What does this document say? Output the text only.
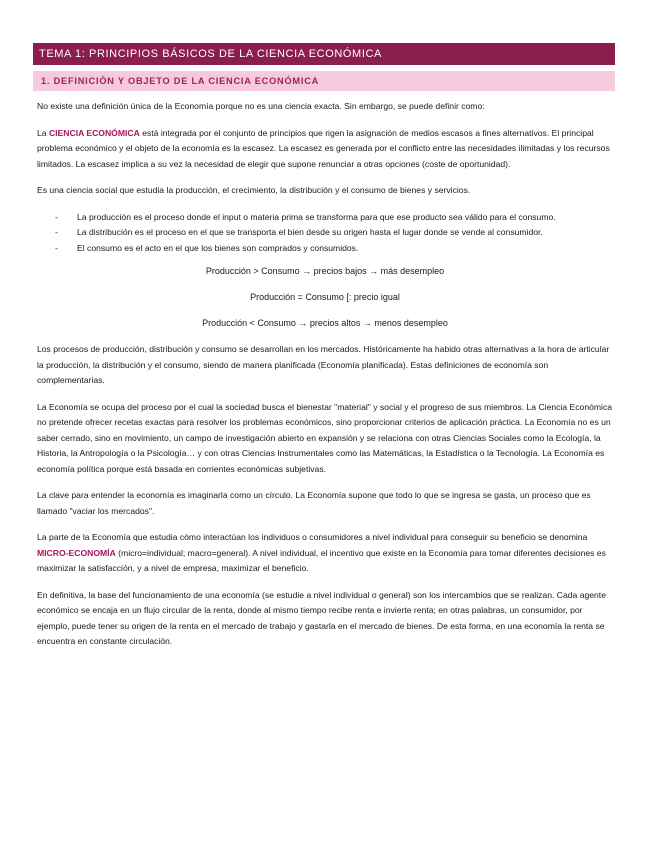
TEMA 1: PRINCIPIOS BÁSICOS DE LA CIENCIA ECONÓMICA
1. DEFINICIÓN Y OBJETO DE LA CIENCIA ECONÓMICA

No existe una definición única de la Economía porque no es una ciencia exacta. Sin embargo, se puede definir como:

La CIENCIA ECONÓMICA está integrada por el conjunto de principios que rigen la asignación de medios escasos a fines alternativos. El principal problema económico y el objeto de la economía es la escasez. La escasez es generada por el conflicto entre las necesidades ilimitadas y los recursos limitados. La escasez implica a su vez la necesidad de elegir que supone renunciar a otras opciones (coste de oportunidad).

Es una ciencia social que estudia la producción, el crecimiento, la distribución y el consumo de bienes y servicios.

- La producción es el proceso donde el input o materia prima se transforma para que ese producto sea válido para el consumo.
- La distribución es el proceso en el que se transporta el bien desde su origen hasta el lugar donde se vende al consumidor.
- El consumo es el acto en el que los bienes son comprados y consumidos.

Producción > Consumo → precios bajos → más desempleo

Producción = Consumo [: precio igual

Producción < Consumo → precios altos → menos desempleo

Los procesos de producción, distribución y consumo se desarrollan en los mercados. Históricamente ha habido otras alternativas a la hora de articular la producción, la distribución y el consumo, siendo de manera planificada (Economía planificada). Estas definiciones de economía son complementarias.

La Economía se ocupa del proceso por el cual la sociedad busca el bienestar "material" y social y el progreso de sus miembros. La Ciencia Económica no pretende ofrecer recetas exactas para resolver los problemas económicos, sino proporcionar criterios de aplicación práctica. La Economía no es un saber cerrado, sino en movimiento, un campo de investigación abierto en expansión y se relaciona con otras Ciencias Sociales como la Ecología, la Historia, la Antropología o la Psicología… y con otras Ciencias Instrumentales como las Matemáticas, la Estadística o la Tecnología. La Economía es economía política porque está basada en corrientes económicas subjetivas.

La clave para entender la economía es imaginarla como un círculo. La Economía supone que todo lo que se ingresa se gasta, un proceso que es llamado "vaciar los mercados".

La parte de la Economía que estudia cómo interactúan los individuos o consumidores a nivel individual para conseguir su beneficio se denomina MICRO-ECONOMÍA (micro=individual; macro=general). A nivel individual, el incentivo que existe en la Economía para tomar diferentes decisiones es maximizar la satisfacción, y a nivel de empresa, maximizar el beneficio.

En definitiva, la base del funcionamiento de una economía (se estudie a nivel individual o general) son los intercambios que se realizan. Cada agente económico se encaja en un flujo circular de la renta, donde al mismo tiempo recibe renta e invierte renta; en otras palabras, un consumidor, por ejemplo, puede tener su origen de la renta en el mercado de trabajo y gastarla en el mercado de bienes. De esta forma, en una economía la renta se encuentra en constante circulación.
